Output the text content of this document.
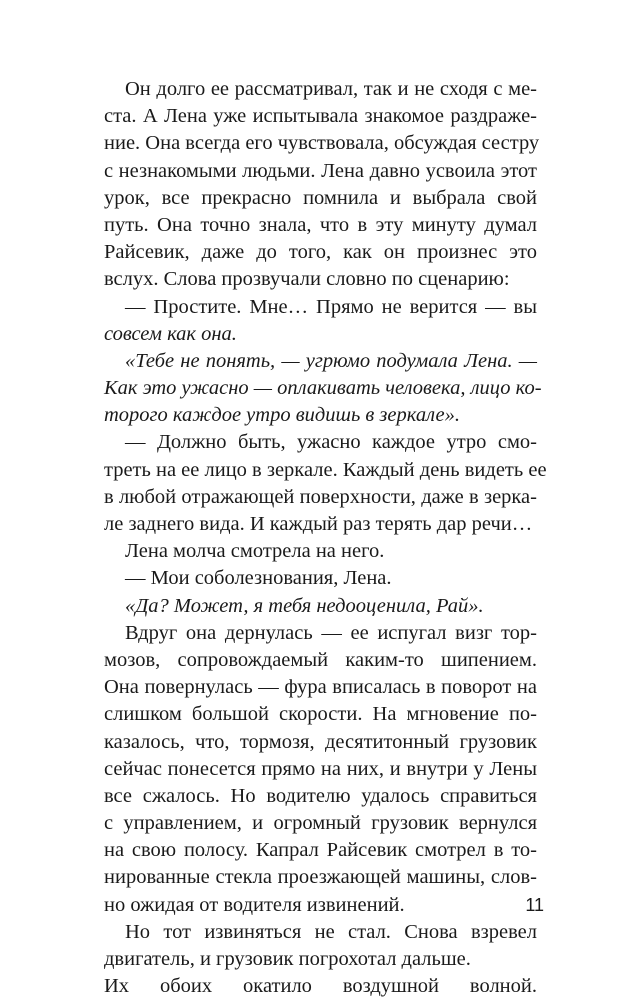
Он долго ее рассматривал, так и не сходя с ме-
ста. А Лена уже испытывала знакомое раздраже-
ние. Она всегда его чувствовала, обсуждая сестру
с незнакомыми людьми. Лена давно усвоила этот
урок, все прекрасно помнила и выбрала свой
путь. Она точно знала, что в эту минуту думал
Райсевик, даже до того, как он произнес это
вслух. Слова прозвучали словно по сценарию:
— Простите. Мне… Прямо не верится — вы
совсем как она.
«Тебе не понять, — угрюмо подумала Лена. —
Как это ужасно — оплакивать человека, лицо ко-
торого каждое утро видишь в зеркале».
— Должно быть, ужасно каждое утро смо-
треть на ее лицо в зеркале. Каждый день видеть ее
в любой отражающей поверхности, даже в зерка-
ле заднего вида. И каждый раз терять дар речи…
Лена молча смотрела на него.
— Мои соболезнования, Лена.
«Да? Может, я тебя недооценила, Рай».
Вдруг она дернулась — ее испугал визг тор-
мозов, сопровождаемый каким-то шипением.
Она повернулась — фура вписалась в поворот на
слишком большой скорости. На мгновение по-
казалось, что, тормозя, десятитонный грузовик
сейчас понесется прямо на них, и внутри у Лены
все сжалось. Но водителю удалось справиться
с управлением, и огромный грузовик вернулся
на свою полосу. Капрал Райсевик смотрел в то-
нированные стекла проезжающей машины, слов-
но ожидая от водителя извинений.
Но тот извиняться не стал. Снова взревел
двигатель, и грузовик погрохотал дальше.
Их обоих окатило воздушной волной.
11
